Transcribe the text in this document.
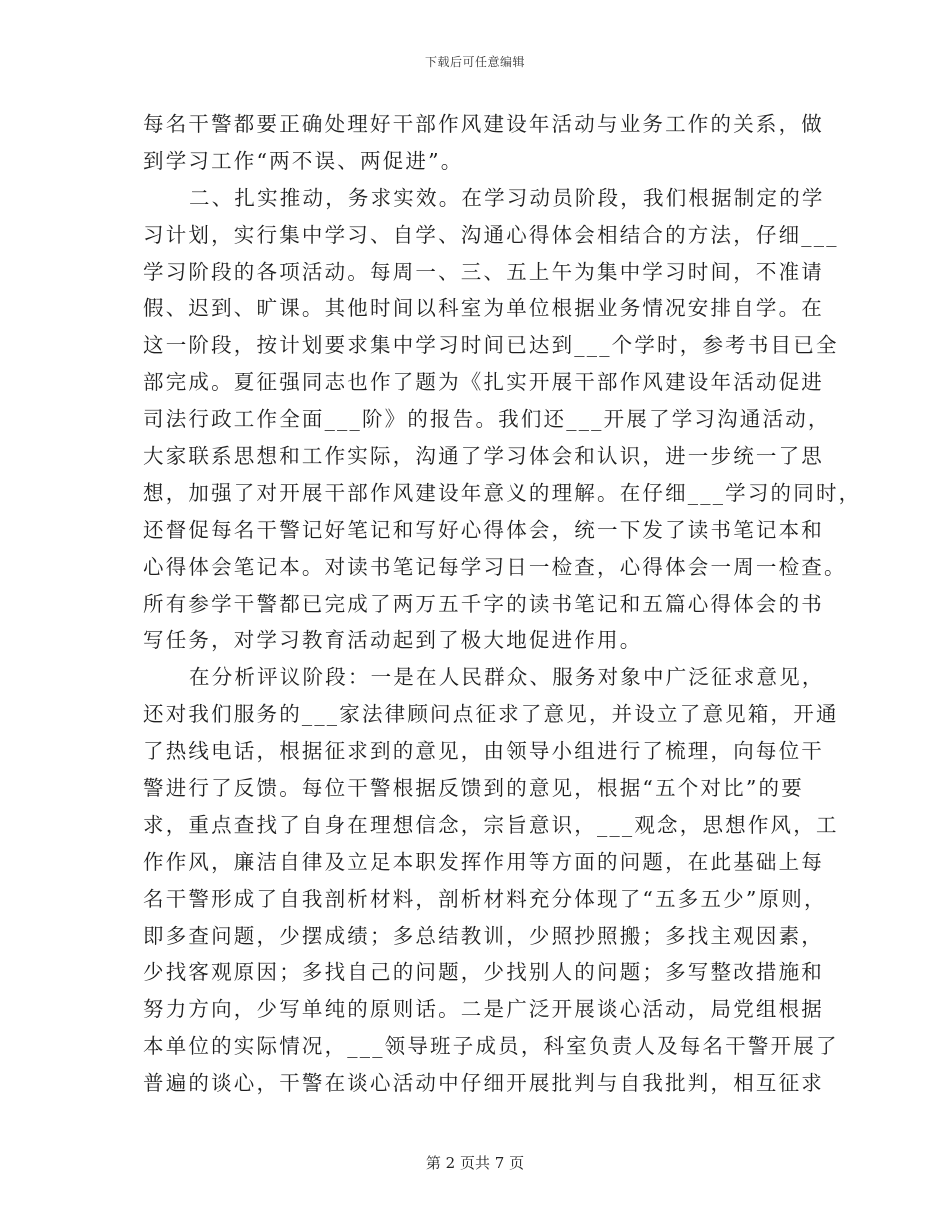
下载后可任意编辑
每名干警都要正确处理好干部作风建设年活动与业务工作的关系，做
到学习工作“两不误、两促进”。
二、扎实推动，务求实效。在学习动员阶段，我们根据制定的学
习计划，实行集中学习、自学、沟通心得体会相结合的方法，仔细___
学习阶段的各项活动。每周一、三、五上午为集中学习时间，不准请
假、迟到、旷课。其他时间以科室为单位根据业务情况安排自学。在
这一阶段，按计划要求集中学习时间已达到___个学时，参考书目已全
部完成。夏征强同志也作了题为《扎实开展干部作风建设年活动促进
司法行政工作全面___阶》的报告。我们还___开展了学习沟通活动，
大家联系思想和工作实际，沟通了学习体会和认识，进一步统一了思
想，加强了对开展干部作风建设年意义的理解。在仔细___学习的同时，
还督促每名干警记好笔记和写好心得体会，统一下发了读书笔记本和
心得体会笔记本。对读书笔记每学习日一检查，心得体会一周一检查。
所有参学干警都已完成了两万五千字的读书笔记和五篇心得体会的书
写任务，对学习教育活动起到了极大地促进作用。
在分析评议阶段：一是在人民群众、服务对象中广泛征求意见，
还对我们服务的___家法律顾问点征求了意见，并设立了意见箱，开通
了热线电话，根据征求到的意见，由领导小组进行了梳理，向每位干
警进行了反馈。每位干警根据反馈到的意见，根据“五个对比”的要
求，重点查找了自身在理想信念，宗旨意识，___观念，思想作风，工
作作风，廉洁自律及立足本职发挥作用等方面的问题，在此基础上每
名干警形成了自我剖析材料，剖析材料充分体现了“五多五少”原则，
即多查问题，少摆成绩；多总结教训，少照抄照搬；多找主观因素，
少找客观原因；多找自己的问题，少找别人的问题；多写整改措施和
努力方向，少写单纯的原则话。二是广泛开展谈心活动，局党组根据
本单位的实际情况，___领导班子成员，科室负责人及每名干警开展了
普遍的谈心，干警在谈心活动中仔细开展批判与自我批判，相互征求
第 2 页共 7 页
